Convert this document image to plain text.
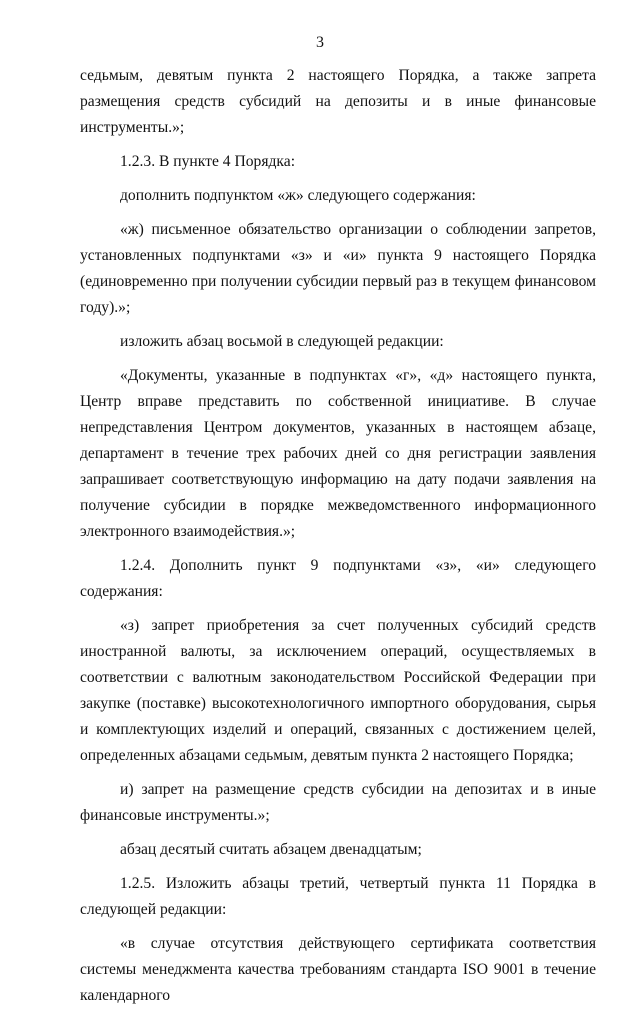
3

седьмым, девятым пункта 2 настоящего Порядка, а также запрета размещения средств субсидий на депозиты и в иные финансовые инструменты.»;

1.2.3. В пункте 4 Порядка:

дополнить подпунктом «ж» следующего содержания:

«ж) письменное обязательство организации о соблюдении запретов, установленных подпунктами «з» и «и» пункта 9 настоящего Порядка (единовременно при получении субсидии первый раз в текущем финансовом году).»;

изложить абзац восьмой в следующей редакции:

«Документы, указанные в подпунктах «г», «д» настоящего пункта, Центр вправе представить по собственной инициативе. В случае непредставления Центром документов, указанных в настоящем абзаце, департамент в течение трех рабочих дней со дня регистрации заявления запрашивает соответствующую информацию на дату подачи заявления на получение субсидии в порядке межведомственного информационного электронного взаимодействия.»;

1.2.4. Дополнить пункт 9 подпунктами «з», «и» следующего содержания:

«з) запрет приобретения за счет полученных субсидий средств иностранной валюты, за исключением операций, осуществляемых в соответствии с валютным законодательством Российской Федерации при закупке (поставке) высокотехнологичного импортного оборудования, сырья и комплектующих изделий и операций, связанных с достижением целей, определенных абзацами седьмым, девятым пункта 2 настоящего Порядка;

и) запрет на размещение средств субсидии на депозитах и в иные финансовые инструменты.»;

абзац десятый считать абзацем двенадцатым;

1.2.5. Изложить абзацы третий, четвертый пункта 11 Порядка в следующей редакции:

«в случае отсутствия действующего сертификата соответствия системы менеджмента качества требованиям стандарта ISO 9001 в течение календарного
